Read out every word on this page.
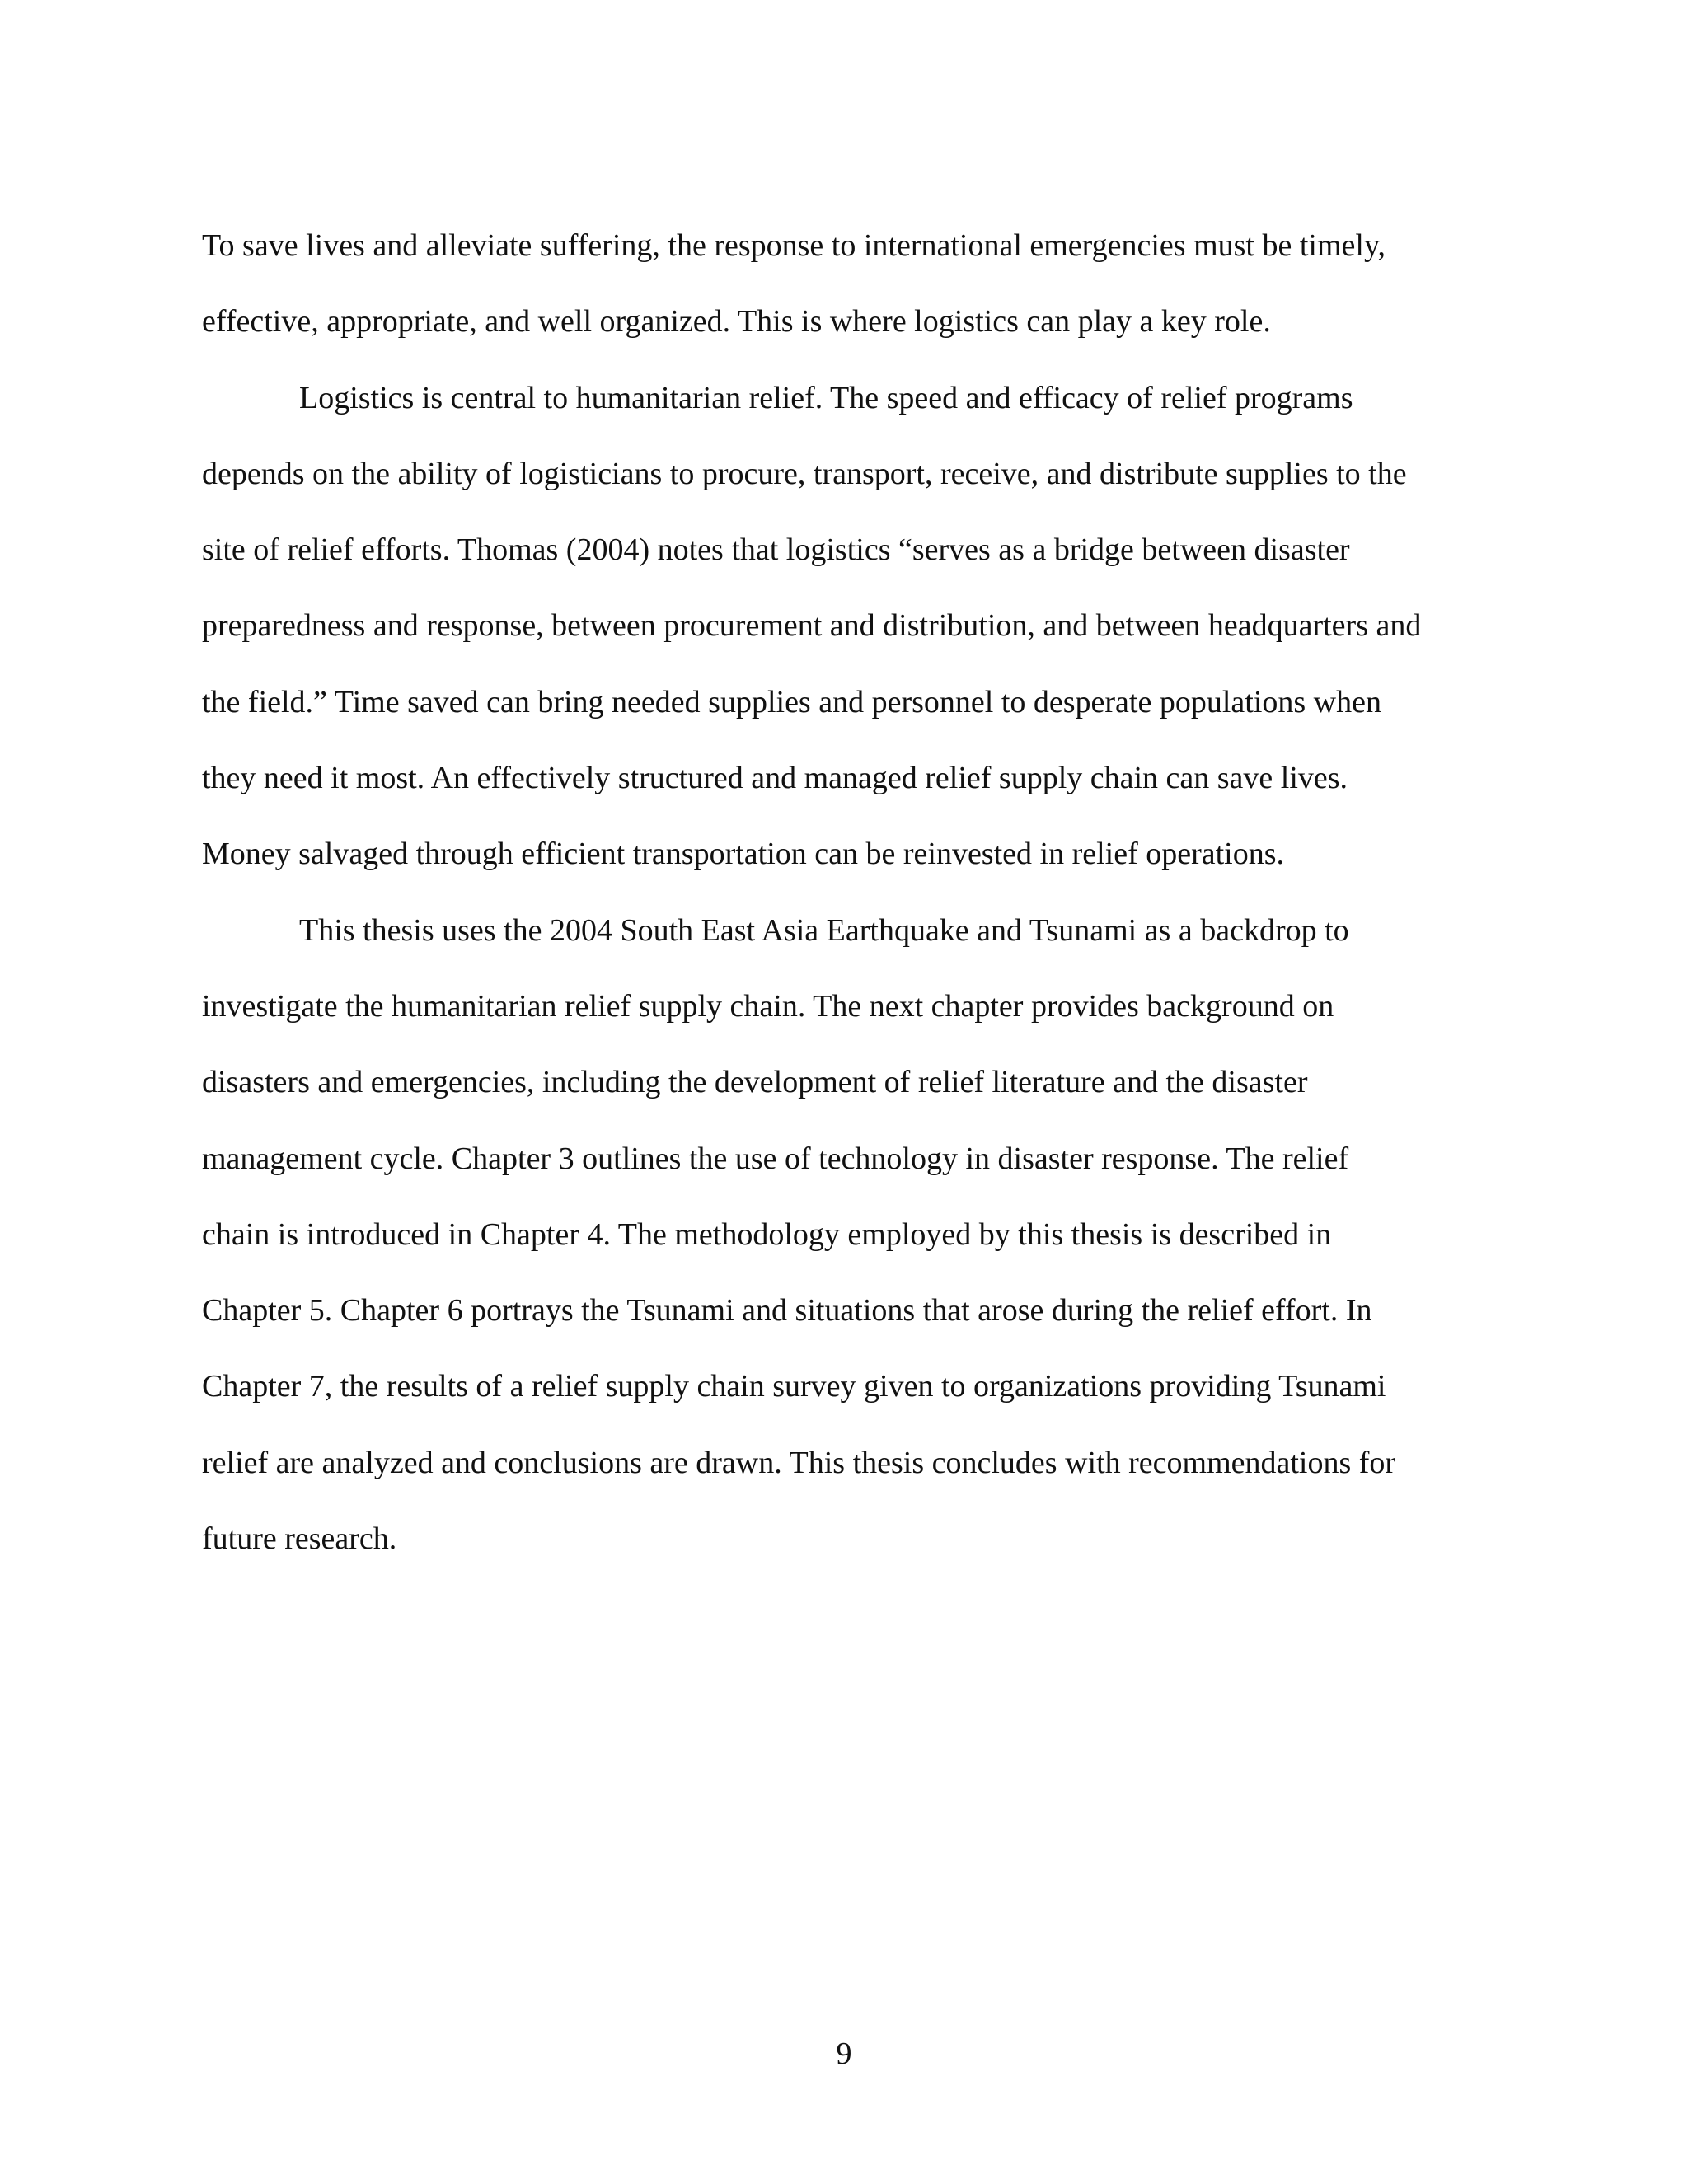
To save lives and alleviate suffering, the response to international emergencies must be timely,
effective, appropriate, and well organized. This is where logistics can play a key role.
Logistics is central to humanitarian relief. The speed and efficacy of relief programs
depends on the ability of logisticians to procure, transport, receive, and distribute supplies to the
site of relief efforts. Thomas (2004) notes that logistics “serves as a bridge between disaster
preparedness and response, between procurement and distribution, and between headquarters and
the field.” Time saved can bring needed supplies and personnel to desperate populations when
they need it most. An effectively structured and managed relief supply chain can save lives.
Money salvaged through efficient transportation can be reinvested in relief operations.
This thesis uses the 2004 South East Asia Earthquake and Tsunami as a backdrop to
investigate the humanitarian relief supply chain. The next chapter provides background on
disasters and emergencies, including the development of relief literature and the disaster
management cycle. Chapter 3 outlines the use of technology in disaster response. The relief
chain is introduced in Chapter 4. The methodology employed by this thesis is described in
Chapter 5. Chapter 6 portrays the Tsunami and situations that arose during the relief effort. In
Chapter 7, the results of a relief supply chain survey given to organizations providing Tsunami
relief are analyzed and conclusions are drawn. This thesis concludes with recommendations for
future research.
9
